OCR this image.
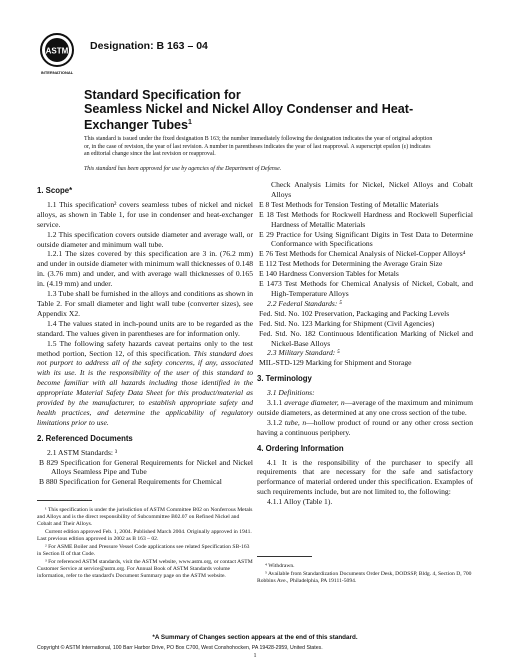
ASTM
INTERNATIONAL
Designation: B 163 – 04
Standard Specification for
Seamless Nickel and Nickel Alloy Condenser and Heat-
Exchanger Tubes$^1$
This standard is issued under the fixed designation B 163; the number immediately following the designation indicates the year of original adoption or, in the case of revision, the year of last revision. A number in parentheses indicates the year of last reapproval. A superscript epsilon (ε) indicates an editorial change since the last revision or reapproval.
This standard has been approved for use by agencies of the Department of Defense.

1. Scope*

1.1 This specification² covers seamless tubes of nickel and nickel alloys, as shown in Table 1, for use in condenser and heat-exchanger service.

1.2 This specification covers outside diameter and average wall, or outside diameter and minimum wall tube.

1.2.1 The sizes covered by this specification are 3 in. (76.2 mm) and under in outside diameter with minimum wall thicknesses of 0.148 in. (3.76 mm) and under, and with average wall thicknesses of 0.165 in. (4.19 mm) and under.

1.3 Tube shall be furnished in the alloys and conditions as shown in Table 2. For small diameter and light wall tube (converter sizes), see Appendix X2.

1.4 The values stated in inch-pound units are to be regarded as the standard. The values given in parentheses are for information only.

1.5 The following safety hazards caveat pertains only to the test method portion, Section 12, of this specification. This standard does not purport to address all of the safety concerns, if any, associated with its use. It is the responsibility of the user of this standard to become familiar with all hazards including those identified in the appropriate Material Safety Data Sheet for this product/material as provided by the manufacturer, to establish appropriate safety and health practices, and determine the applicability of regulatory limitations prior to use.

2. Referenced Documents

2.1 ASTM Standards: ³

B 829 Specification for General Requirements for Nickel and Nickel Alloys Seamless Pipe and Tube

B 880 Specification for General Requirements for Chemical

Check Analysis Limits for Nickel, Nickel Alloys and Cobalt Alloys

E 8 Test Methods for Tension Testing of Metallic Materials

E 18 Test Methods for Rockwell Hardness and Rockwell Superficial Hardness of Metallic Materials

E 29 Practice for Using Significant Digits in Test Data to Determine Conformance with Specifications

E 76 Test Methods for Chemical Analysis of Nickel-Copper Alloys⁴

E 112 Test Methods for Determining the Average Grain Size

E 140 Hardness Conversion Tables for Metals

E 1473 Test Methods for Chemical Analysis of Nickel, Cobalt, and High-Temperature Alloys

2.2 Federal Standards: ⁵

Fed. Std. No. 102 Preservation, Packaging and Packing Levels

Fed. Std. No. 123 Marking for Shipment (Civil Agencies)

Fed. Std. No. 182 Continuous Identification Marking of Nickel and Nickel-Base Alloys

2.3 Military Standard: ⁵

MIL-STD-129 Marking for Shipment and Storage

3. Terminology

3.1 Definitions:

3.1.1 average diameter, n—average of the maximum and minimum outside diameters, as determined at any one cross section of the tube.

3.1.2 tube, n—hollow product of round or any other cross section having a continuous periphery.

4. Ordering Information

4.1 It is the responsibility of the purchaser to specify all requirements that are necessary for the safe and satisfactory performance of material ordered under this specification. Examples of such requirements include, but are not limited to, the following:

4.1.1 Alloy (Table 1).

¹ This specification is under the jurisdiction of ASTM Committee B02 on Nonferrous Metals and Alloys and is the direct responsibility of Subcommittee B02.07 on Refined Nickel and Cobalt and Their Alloys.

Current edition approved Feb. 1, 2004. Published March 2004. Originally approved in 1941. Last previous edition approved in 2002 as B 163 – 02.

² For ASME Boiler and Pressure Vessel Code applications see related Specification SB-163 in Section II of that Code.

³ For referenced ASTM standards, visit the ASTM website, www.astm.org, or contact ASTM Customer Service at service@astm.org. For Annual Book of ASTM Standards volume information, refer to the standard's Document Summary page on the ASTM website.

⁴ Withdrawn.

⁵ Available from Standardization Documents Order Desk, DODSSP, Bldg. 4, Section D, 700 Robbins Ave., Philadelphia, PA 19111-5094.

*A Summary of Changes section appears at the end of this standard.
Copyright © ASTM International, 100 Barr Harbor Drive, PO Box C700, West Conshohocken, PA 19428-2959, United States.
1
